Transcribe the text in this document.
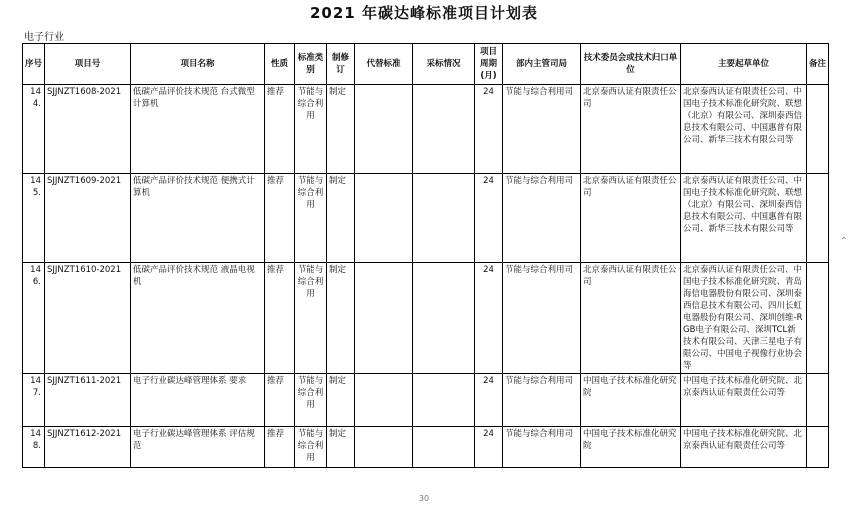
2021 年碳达峰标准项目计划表
电子行业
序号	项目号	项目名称	性质	标准类别	制修订	代替标准	采标情况	项目周期(月)	部内主管司局	技术委员会或技术归口单位	主要起草单位	备注
144.	SJJNZT1608-2021	低碳产品评价技术规范 台式微型计算机	推荐	节能与综合利用	制定			24	节能与综合利用司	北京泰西认证有限责任公司	北京泰西认证有限责任公司、中国电子技术标准化研究院、联想（北京）有限公司、深圳泰西信息技术有限公司、中国惠普有限公司、新华三技术有限公司等	
145.	SJJNZT1609-2021	低碳产品评价技术规范 便携式计算机	推荐	节能与综合利用	制定			24	节能与综合利用司	北京泰西认证有限责任公司	北京泰西认证有限责任公司、中国电子技术标准化研究院、联想（北京）有限公司、深圳泰西信息技术有限公司、中国惠普有限公司、新华三技术有限公司等	
146.	SJJNZT1610-2021	低碳产品评价技术规范 液晶电视机	推荐	节能与综合利用	制定			24	节能与综合利用司	北京泰西认证有限责任公司	北京泰西认证有限责任公司、中国电子技术标准化研究院、青岛海信电器股份有限公司、深圳泰西信息技术有限公司、四川长虹电器股份有限公司、深圳创维-RGB电子有限公司、深圳TCL新技术有限公司、天津三星电子有限公司、中国电子视像行业协会等	
147.	SJJNZT1611-2021	电子行业碳达峰管理体系 要求	推荐	节能与综合利用	制定			24	节能与综合利用司	中国电子技术标准化研究院	中国电子技术标准化研究院、北京泰西认证有限责任公司等	
148.	SJJNZT1612-2021	电子行业碳达峰管理体系 评估规范	推荐	节能与综合利用	制定			24	节能与综合利用司	中国电子技术标准化研究院	中国电子技术标准化研究院、北京泰西认证有限责任公司等	
30
⌃
